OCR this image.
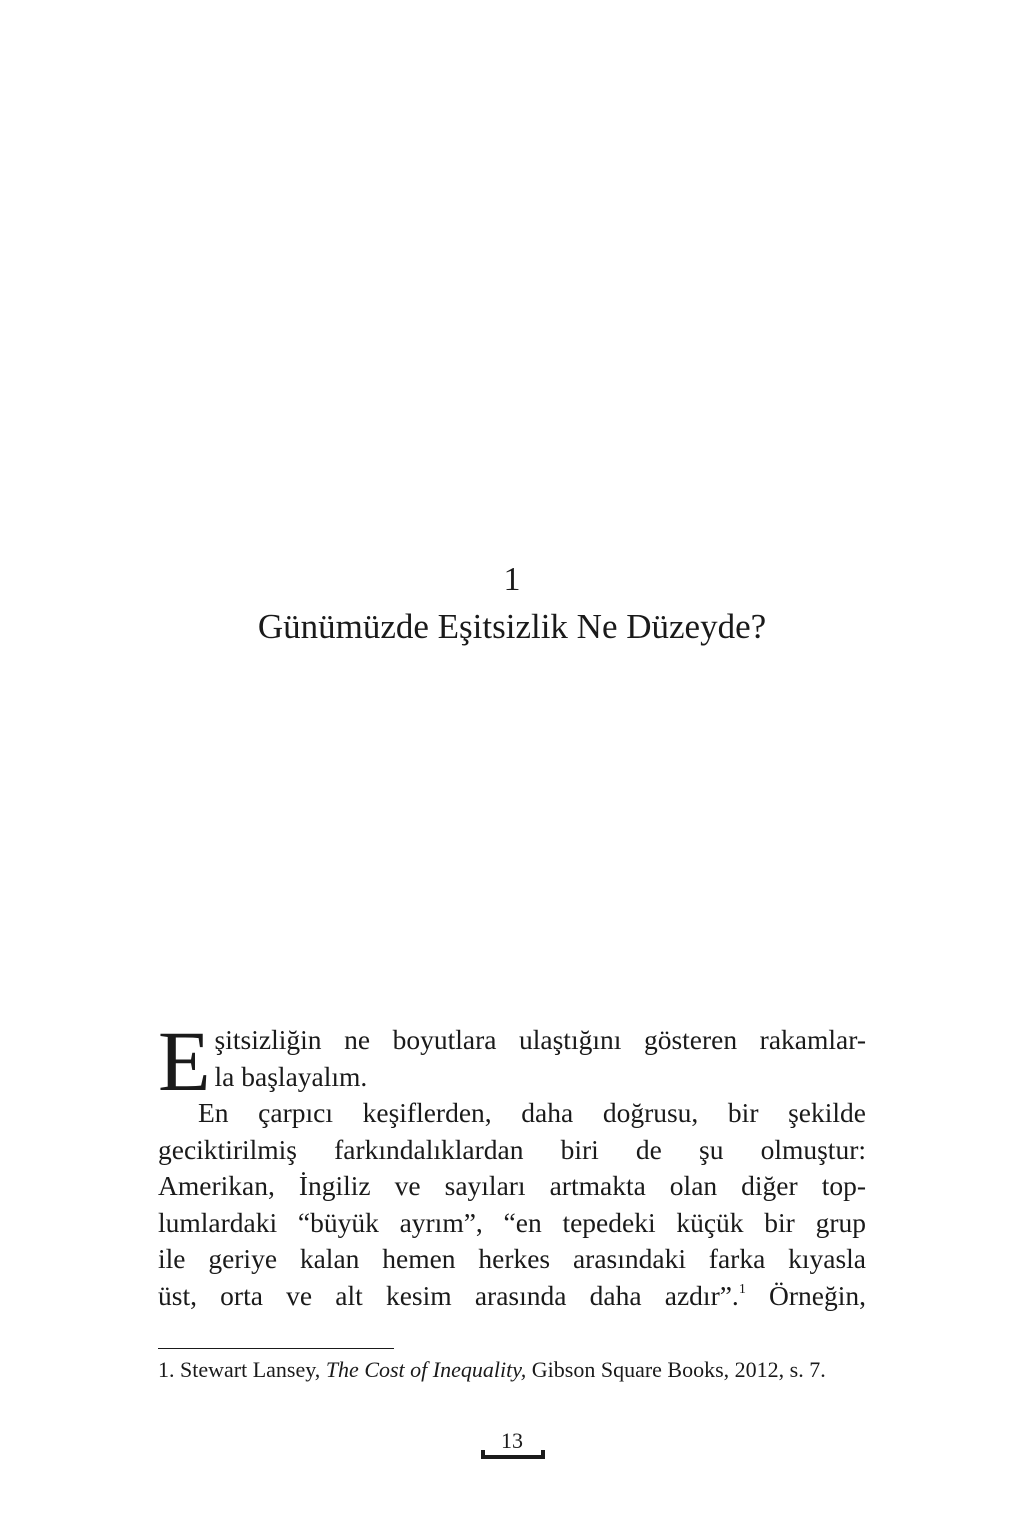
1
Günümüzde Eşitsizlik Ne Düzeyde?

E şitsizliğin ne boyutlara ulaştığını gösteren rakamlar-
la başlayalım.

En çarpıcı keşiflerden, daha doğrusu, bir şekilde
geciktirilmiş farkındalıklardan biri de şu olmuştur:
Amerikan, İngiliz ve sayıları artmakta olan diğer top-
lumlardaki “büyük ayrım”, “en tepedeki küçük bir grup
ile geriye kalan hemen herkes arasındaki farka kıyasla
üst, orta ve alt kesim arasında daha azdır”.$^1$ Örneğin,

1. Stewart Lansey, The Cost of Inequality, Gibson Square Books, 2012, s. 7.
13
